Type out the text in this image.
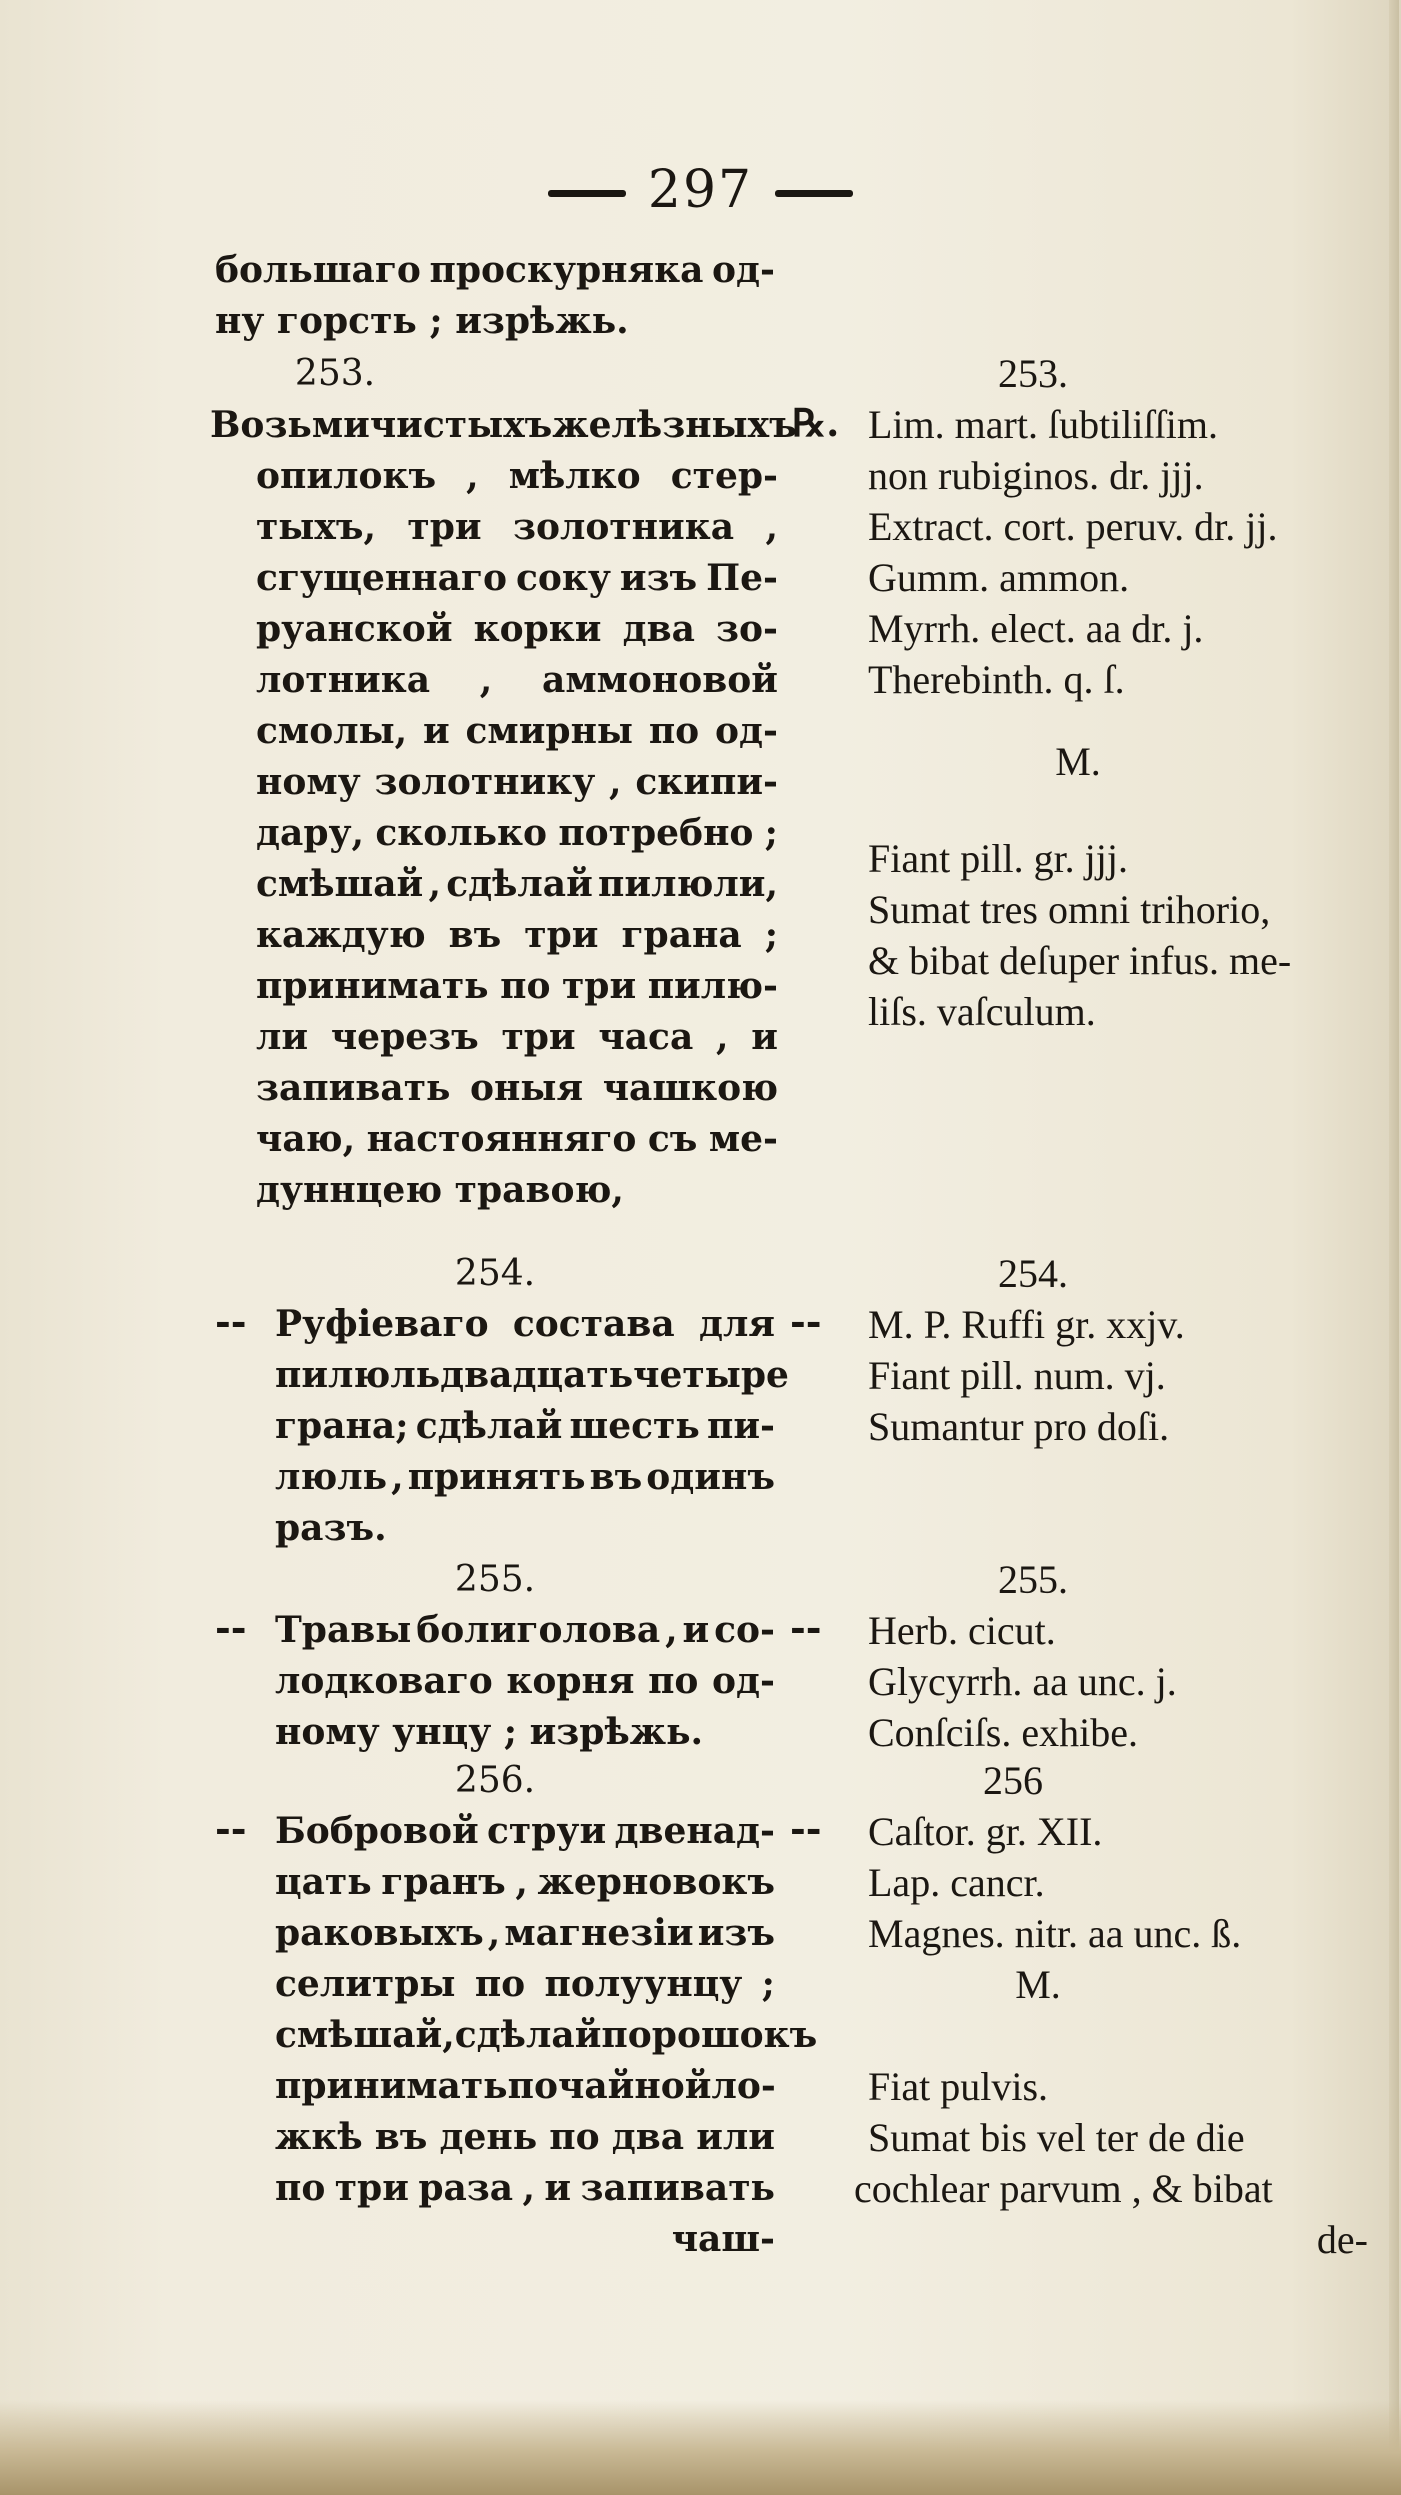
297
большаго проскурняка од-
ну горсть ; изрѣжь.
253.
Возьми чистыхъ желѣзныхъ
опилокъ , мѣлко стер-
тыхъ, три золотника ,
сгущеннаго соку изъ Пе-
руанской корки два зо-
лотника , аммоновой
смолы, и смирны по од-
ному золотнику , скипи-
дару, сколько потребно ;
смѣшай , сдѣлай пилюли,
каждую въ три грана ;
принимать по три пилю-
ли черезъ три часа , и
запивать оныя чашкою
чаю, настоянняго съ ме-
дуннцею травою,
254.
Руфіеваго состава для
пилюль двадцать четыре
грана; сдѣлай шесть пи-
люль , принять въ одинъ
разъ.
255.
Травы болиголова , и со-
лодковаго корня по од-
ному унцу ; изрѣжь.
256.
Бобровой струи двенад-
цать гранъ , жерновокъ
раковыхъ , магнезіи изъ
селитры по полуунцу ;
смѣшай, сдѣлай порошокъ
принимать по чайной ло-
жкѣ въ день по два или
по три раза , и запивать
чаш-
℞.
--	--
--	--
--	--
253.
Lim. mart. ſubtiliſſim.
non rubiginos. dr. jjj.
Extract. cort. peruv. dr. jj.
Gumm. ammon.
Myrrh. elect. aa dr. j.
Therebinth. q. ſ.
M.
Fiant pill. gr. jjj.
Sumat tres omni trihorio,
& bibat deſuper infus. me-
liſs. vaſculum.
254.
M. P. Ruffi gr. xxjv.
Fiant pill. num. vj.
Sumantur pro doſi.
255.
Herb. cicut.
Glycyrrh. aa unc. j.
Conſciſs. exhibe.
256
Caſtor. gr. XII.
Lap. cancr.
Magnes. nitr. aa unc. ß.
M.
Fiat pulvis.
Sumat bis vel ter de die
cochlear parvum , & bibat
de-
